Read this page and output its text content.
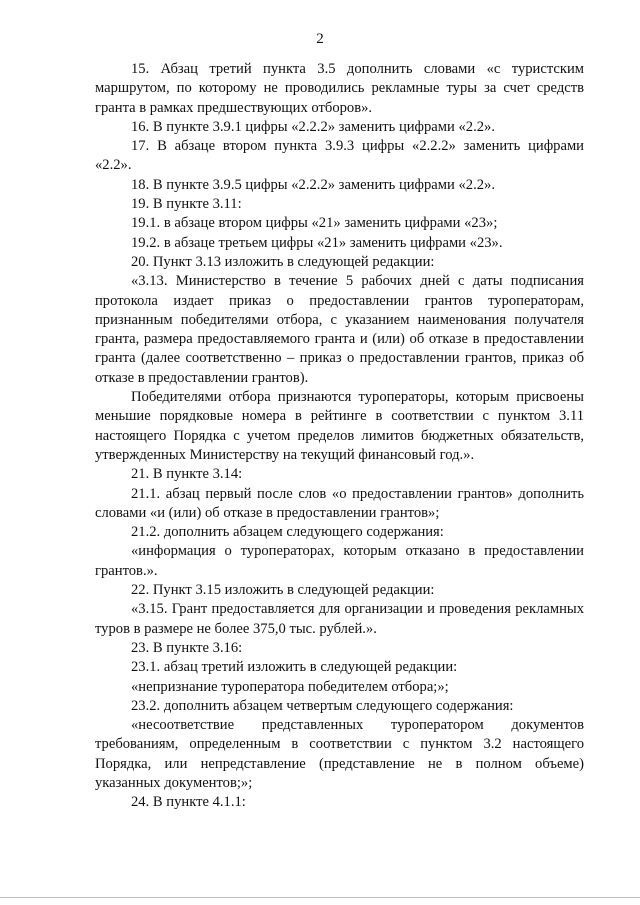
2

15. Абзац третий пункта 3.5 дополнить словами «с туристским маршрутом, по которому не проводились рекламные туры за счет средств гранта в рамках предшествующих отборов».

16. В пункте 3.9.1 цифры «2.2.2» заменить цифрами «2.2».

17. В абзаце втором пункта 3.9.3 цифры «2.2.2» заменить цифрами «2.2».

18. В пункте 3.9.5 цифры «2.2.2» заменить цифрами «2.2».

19. В пункте 3.11:

19.1. в абзаце втором цифры «21» заменить цифрами «23»;

19.2. в абзаце третьем цифры «21» заменить цифрами «23».

20. Пункт 3.13 изложить в следующей редакции:

«3.13. Министерство в течение 5 рабочих дней с даты подписания протокола издает приказ о предоставлении грантов туроператорам, признанным победителями отбора, с указанием наименования получателя гранта, размера предоставляемого гранта и (или) об отказе в предоставлении гранта (далее соответственно – приказ о предоставлении грантов, приказ об отказе в предоставлении грантов).

Победителями отбора признаются туроператоры, которым присвоены меньшие порядковые номера в рейтинге в соответствии с пунктом 3.11 настоящего Порядка с учетом пределов лимитов бюджетных обязательств, утвержденных Министерству на текущий финансовый год.».

21. В пункте 3.14:

21.1. абзац первый после слов «о предоставлении грантов» дополнить словами «и (или) об отказе в предоставлении грантов»;

21.2. дополнить абзацем следующего содержания:

«информация о туроператорах, которым отказано в предоставлении грантов.».

22. Пункт 3.15 изложить в следующей редакции:

«3.15. Грант предоставляется для организации и проведения рекламных туров в размере не более 375,0 тыс. рублей.».

23. В пункте 3.16:

23.1. абзац третий изложить в следующей редакции:

«непризнание туроператора победителем отбора;»;

23.2. дополнить абзацем четвертым следующего содержания:

«несоответствие представленных туроператором документов требованиям, определенным в соответствии с пунктом 3.2 настоящего Порядка, или непредставление (представление не в полном объеме) указанных документов;»;

24. В пункте 4.1.1:
